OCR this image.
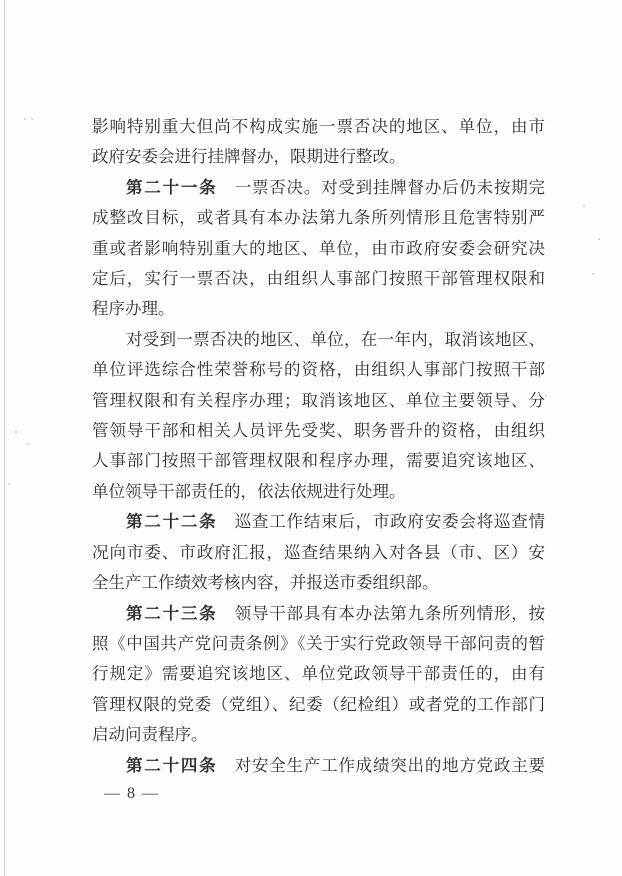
影响特别重大但尚不构成实施一票否决的地区、单位，由市
政府安委会进行挂牌督办，限期进行整改。
第二十一条　一票否决。对受到挂牌督办后仍未按期完
成整改目标，或者具有本办法第九条所列情形且危害特别严
重或者影响特别重大的地区、单位，由市政府安委会研究决
定后，实行一票否决，由组织人事部门按照干部管理权限和
程序办理。
对受到一票否决的地区、单位，在一年内，取消该地区、
单位评选综合性荣誉称号的资格，由组织人事部门按照干部
管理权限和有关程序办理；取消该地区、单位主要领导、分
管领导干部和相关人员评先受奖、职务晋升的资格，由组织
人事部门按照干部管理权限和程序办理，需要追究该地区、
单位领导干部责任的，依法依规进行处理。
第二十二条　巡查工作结束后，市政府安委会将巡查情
况向市委、市政府汇报，巡查结果纳入对各县（市、区）安
全生产工作绩效考核内容，并报送市委组织部。
第二十三条　领导干部具有本办法第九条所列情形，按
照《中国共产党问责条例》《关于实行党政领导干部问责的暂
行规定》需要追究该地区、单位党政领导干部责任的，由有
管理权限的党委（党组）、纪委（纪检组）或者党的工作部门
启动问责程序。
第二十四条　对安全生产工作成绩突出的地方党政主要
— 8 —
